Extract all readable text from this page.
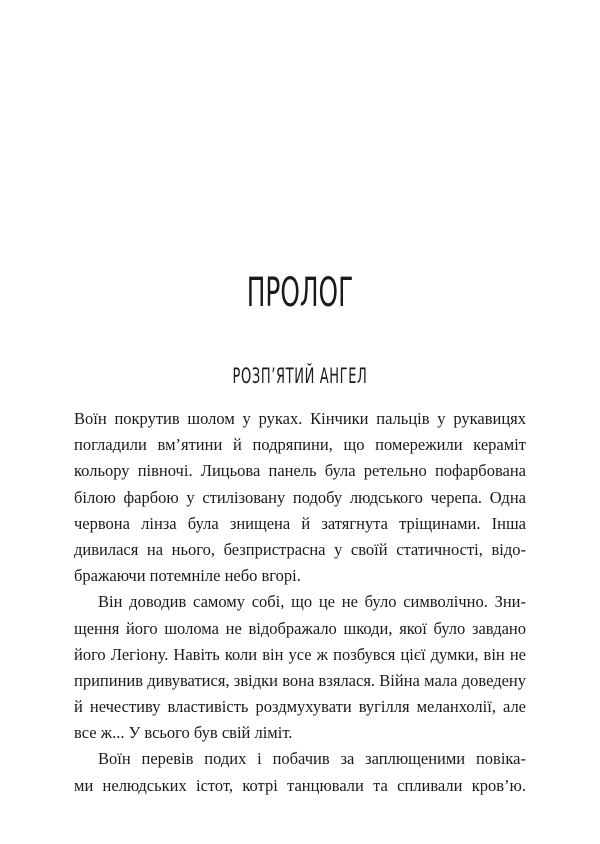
ПРОЛОГ
РОЗП’ЯТИЙ АНГЕЛ
Воїн покрутив шолом у руках. Кінчики пальців у рукавицях
погладили вм’ятини й подряпини, що помережили кераміт
кольору півночі. Лицьова панель була ретельно пофарбована
білою фарбою у стилізовану подобу людського черепа. Одна
червона лінза була знищена й затягнута тріщинами. Інша
дивилася на нього, безпристрасна у своїй статичності, відо-
бражаючи потемніле небо вгорі.
Він доводив самому собі, що це не було символічно. Зни-
щення його шолома не відображало шкоди, якої було завдано
його Легіону. Навіть коли він усе ж позбувся цієї думки, він не
припинив дивуватися, звідки вона взялася. Війна мала доведену
й нечестиву властивість роздмухувати вугілля меланхолії, але
все ж... У всього був свій ліміт.
Воїн перевів подих і побачив за заплющеними повіка-
ми нелюдських істот, котрі танцювали та спливали кров’ю.
